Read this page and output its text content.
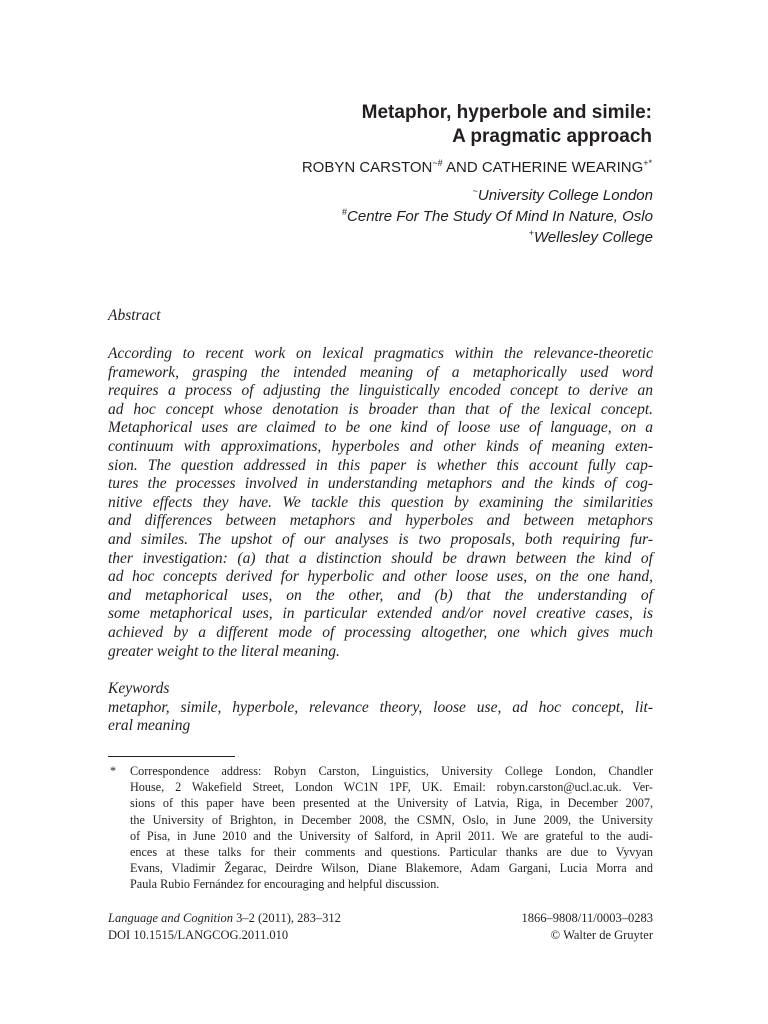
Metaphor, hyperbole and simile:
A pragmatic approach
ROBYN CARSTON~# AND CATHERINE WEARING+*
~University College London
#Centre For The Study Of Mind In Nature, Oslo
+Wellesley College
Abstract
According to recent work on lexical pragmatics within the relevance-theoretic
framework, grasping the intended meaning of a metaphorically used word
requires a process of adjusting the linguistically encoded concept to derive an
ad hoc concept whose denotation is broader than that of the lexical concept.
Metaphorical uses are claimed to be one kind of loose use of language, on a
continuum with approximations, hyperboles and other kinds of meaning exten-
sion. The question addressed in this paper is whether this account fully cap-
tures the processes involved in understanding metaphors and the kinds of cog-
nitive effects they have. We tackle this question by examining the similarities
and differences between metaphors and hyperboles and between metaphors
and similes. The upshot of our analyses is two proposals, both requiring fur-
ther investigation: (a) that a distinction should be drawn between the kind of
ad hoc concepts derived for hyperbolic and other loose uses, on the one hand,
and metaphorical uses, on the other, and (b) that the understanding of
some metaphorical uses, in particular extended and/or novel creative cases, is
achieved by a different mode of processing altogether, one which gives much
greater weight to the literal meaning.
Keywords
metaphor, simile, hyperbole, relevance theory, loose use, ad hoc concept, lit-
eral meaning
* Correspondence address: Robyn Carston, Linguistics, University College London, Chandler
House, 2 Wakefield Street, London WC1N 1PF, UK. Email: robyn.carston@ucl.ac.uk. Ver-
sions of this paper have been presented at the University of Latvia, Riga, in December 2007,
the University of Brighton, in December 2008, the CSMN, Oslo, in June 2009, the University
of Pisa, in June 2010 and the University of Salford, in April 2011. We are grateful to the audi-
ences at these talks for their comments and questions. Particular thanks are due to Vyvyan
Evans, Vladimir Žegarac, Deirdre Wilson, Diane Blakemore, Adam Gargani, Lucia Morra and
Paula Rubio Fernández for encouraging and helpful discussion.
Language and Cognition 3–2 (2011), 283–312
DOI 10.1515/LANGCOG.2011.010
1866–9808/11/0003–0283
© Walter de Gruyter
